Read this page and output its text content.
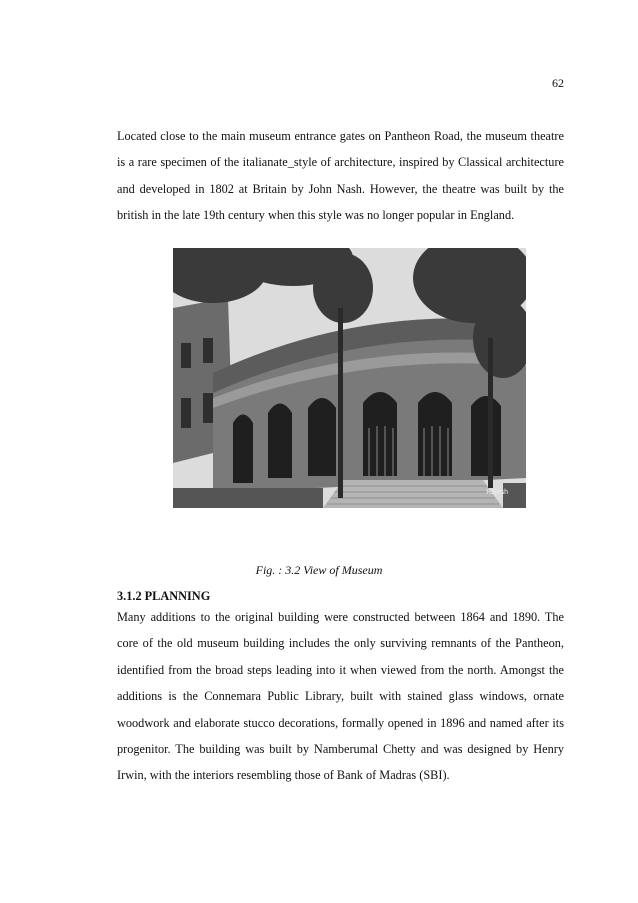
62

Located close to the main museum entrance gates on Pantheon Road, the museum theatre is a rare specimen of the italianate_style of architecture, inspired by Classical architecture and developed in 1802 at Britain by John Nash. However, the theatre was built by the british in the late 19th century when this style was no longer popular in England.

Rajesh
Fig. : 3.2 View of Museum
3.1.2 PLANNING

Many additions to the original building were constructed between 1864 and 1890. The core of the old museum building includes the only surviving remnants of the Pantheon, identified from the broad steps leading into it when viewed from the north. Amongst the additions is the Connemara Public Library, built with stained glass windows, ornate woodwork and elaborate stucco decorations, formally opened in 1896 and named after its progenitor. The building was built by Namberumal Chetty and was designed by Henry Irwin, with the interiors resembling those of Bank of Madras (SBI).
